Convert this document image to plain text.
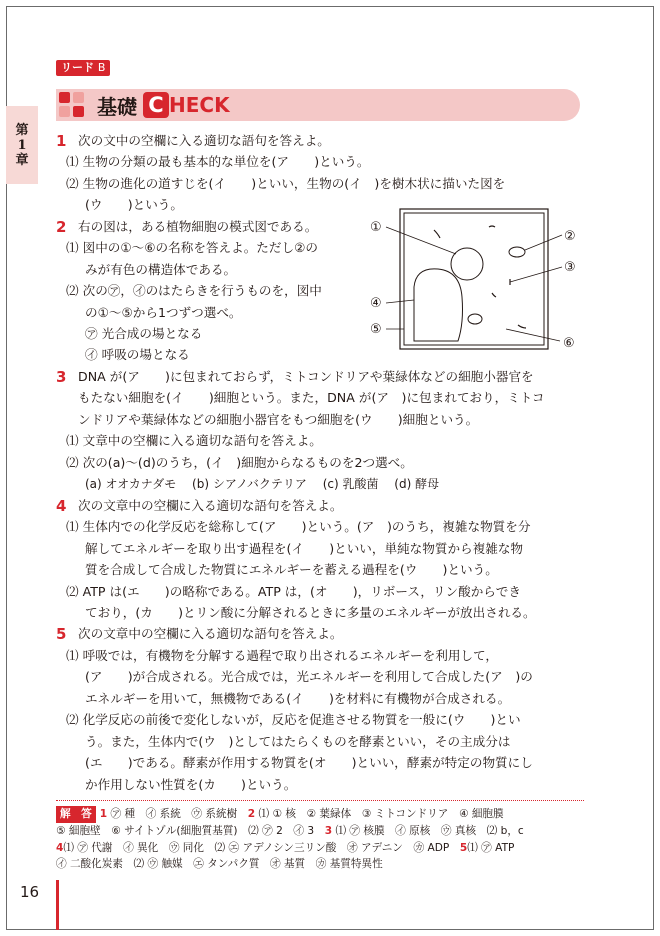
第
1
章
リード B
基礎 C HECK
1 次の文中の空欄に入る適切な語句を答えよ。
⑴ 生物の分類の最も基本的な単位を(ア　　)という。
⑵ 生物の進化の道すじを(イ　　)といい，生物の(イ　)を樹木状に描いた図を
(ウ　　)という。
2 右の図は，ある植物細胞の模式図である。
⑴ 図中の①～⑥の名称を答えよ。ただし②の
みが有色の構造体である。
⑵ 次の㋐，㋑のはたらきを行うものを，図中
の①～⑤から1つずつ選べ。
㋐ 光合成の場となる
㋑ 呼吸の場となる
3 DNA が(ア　　)に包まれておらず，ミトコンドリアや葉緑体などの細胞小器官を
もたない細胞を(イ　　)細胞という。また，DNA が(ア　)に包まれており，ミトコ
ンドリアや葉緑体などの細胞小器官をもつ細胞を(ウ　　)細胞という。
⑴ 文章中の空欄に入る適切な語句を答えよ。
⑵ 次の(a)～(d)のうち，(イ　)細胞からなるものを2つ選べ。
(a) オオカナダモ　 (b) シアノバクテリア　 (c) 乳酸菌　 (d) 酵母
4 次の文章中の空欄に入る適切な語句を答えよ。
⑴ 生体内での化学反応を総称して(ア　　)という。(ア　)のうち，複雑な物質を分
解してエネルギーを取り出す過程を(イ　　)といい，単純な物質から複雑な物
質を合成して合成した物質にエネルギーを蓄える過程を(ウ　　)という。
⑵ ATP は(エ　　)の略称である。ATP は，(オ　　)，リボース，リン酸からでき
ており，(カ　　)とリン酸に分解されるときに多量のエネルギーが放出される。
5 次の文章中の空欄に入る適切な語句を答えよ。
⑴ 呼吸では，有機物を分解する過程で取り出されるエネルギーを利用して，
(ア　　)が合成される。光合成では，光エネルギーを利用して合成した(ア　)の
エネルギーを用いて，無機物である(イ　　)を材料に有機物が合成される。
⑵ 化学反応の前後で変化しないが，反応を促進させる物質を一般に(ウ　　)とい
う。また，生体内で(ウ　)としてはたらくものを酵素といい，その主成分は
(エ　　)である。酵素が作用する物質を(オ　　)といい，酵素が特定の物質にし
か作用しない性質を(カ　　)という。
①
②
③
④
⑤
⑥
解　答 1 ㋐ 種　㋑ 系統　㋒ 系統樹　2 ⑴ ① 核　② 葉緑体　③ ミトコンドリア　④ 細胞膜
⑤ 細胞壁　⑥ サイトゾル(細胞質基質)　⑵ ㋐ 2　㋑ 3　3 ⑴ ㋐ 核膜　㋑ 原核　㋒ 真核　⑵ b，c
4⑴ ㋐ 代謝　㋑ 異化　㋒ 同化　⑵ ㋓ アデノシン三リン酸　㋔ アデニン　㋕ ADP　5⑴ ㋐ ATP
㋑ 二酸化炭素　⑵ ㋒ 触媒　㋓ タンパク質　㋔ 基質　㋕ 基質特異性
16
